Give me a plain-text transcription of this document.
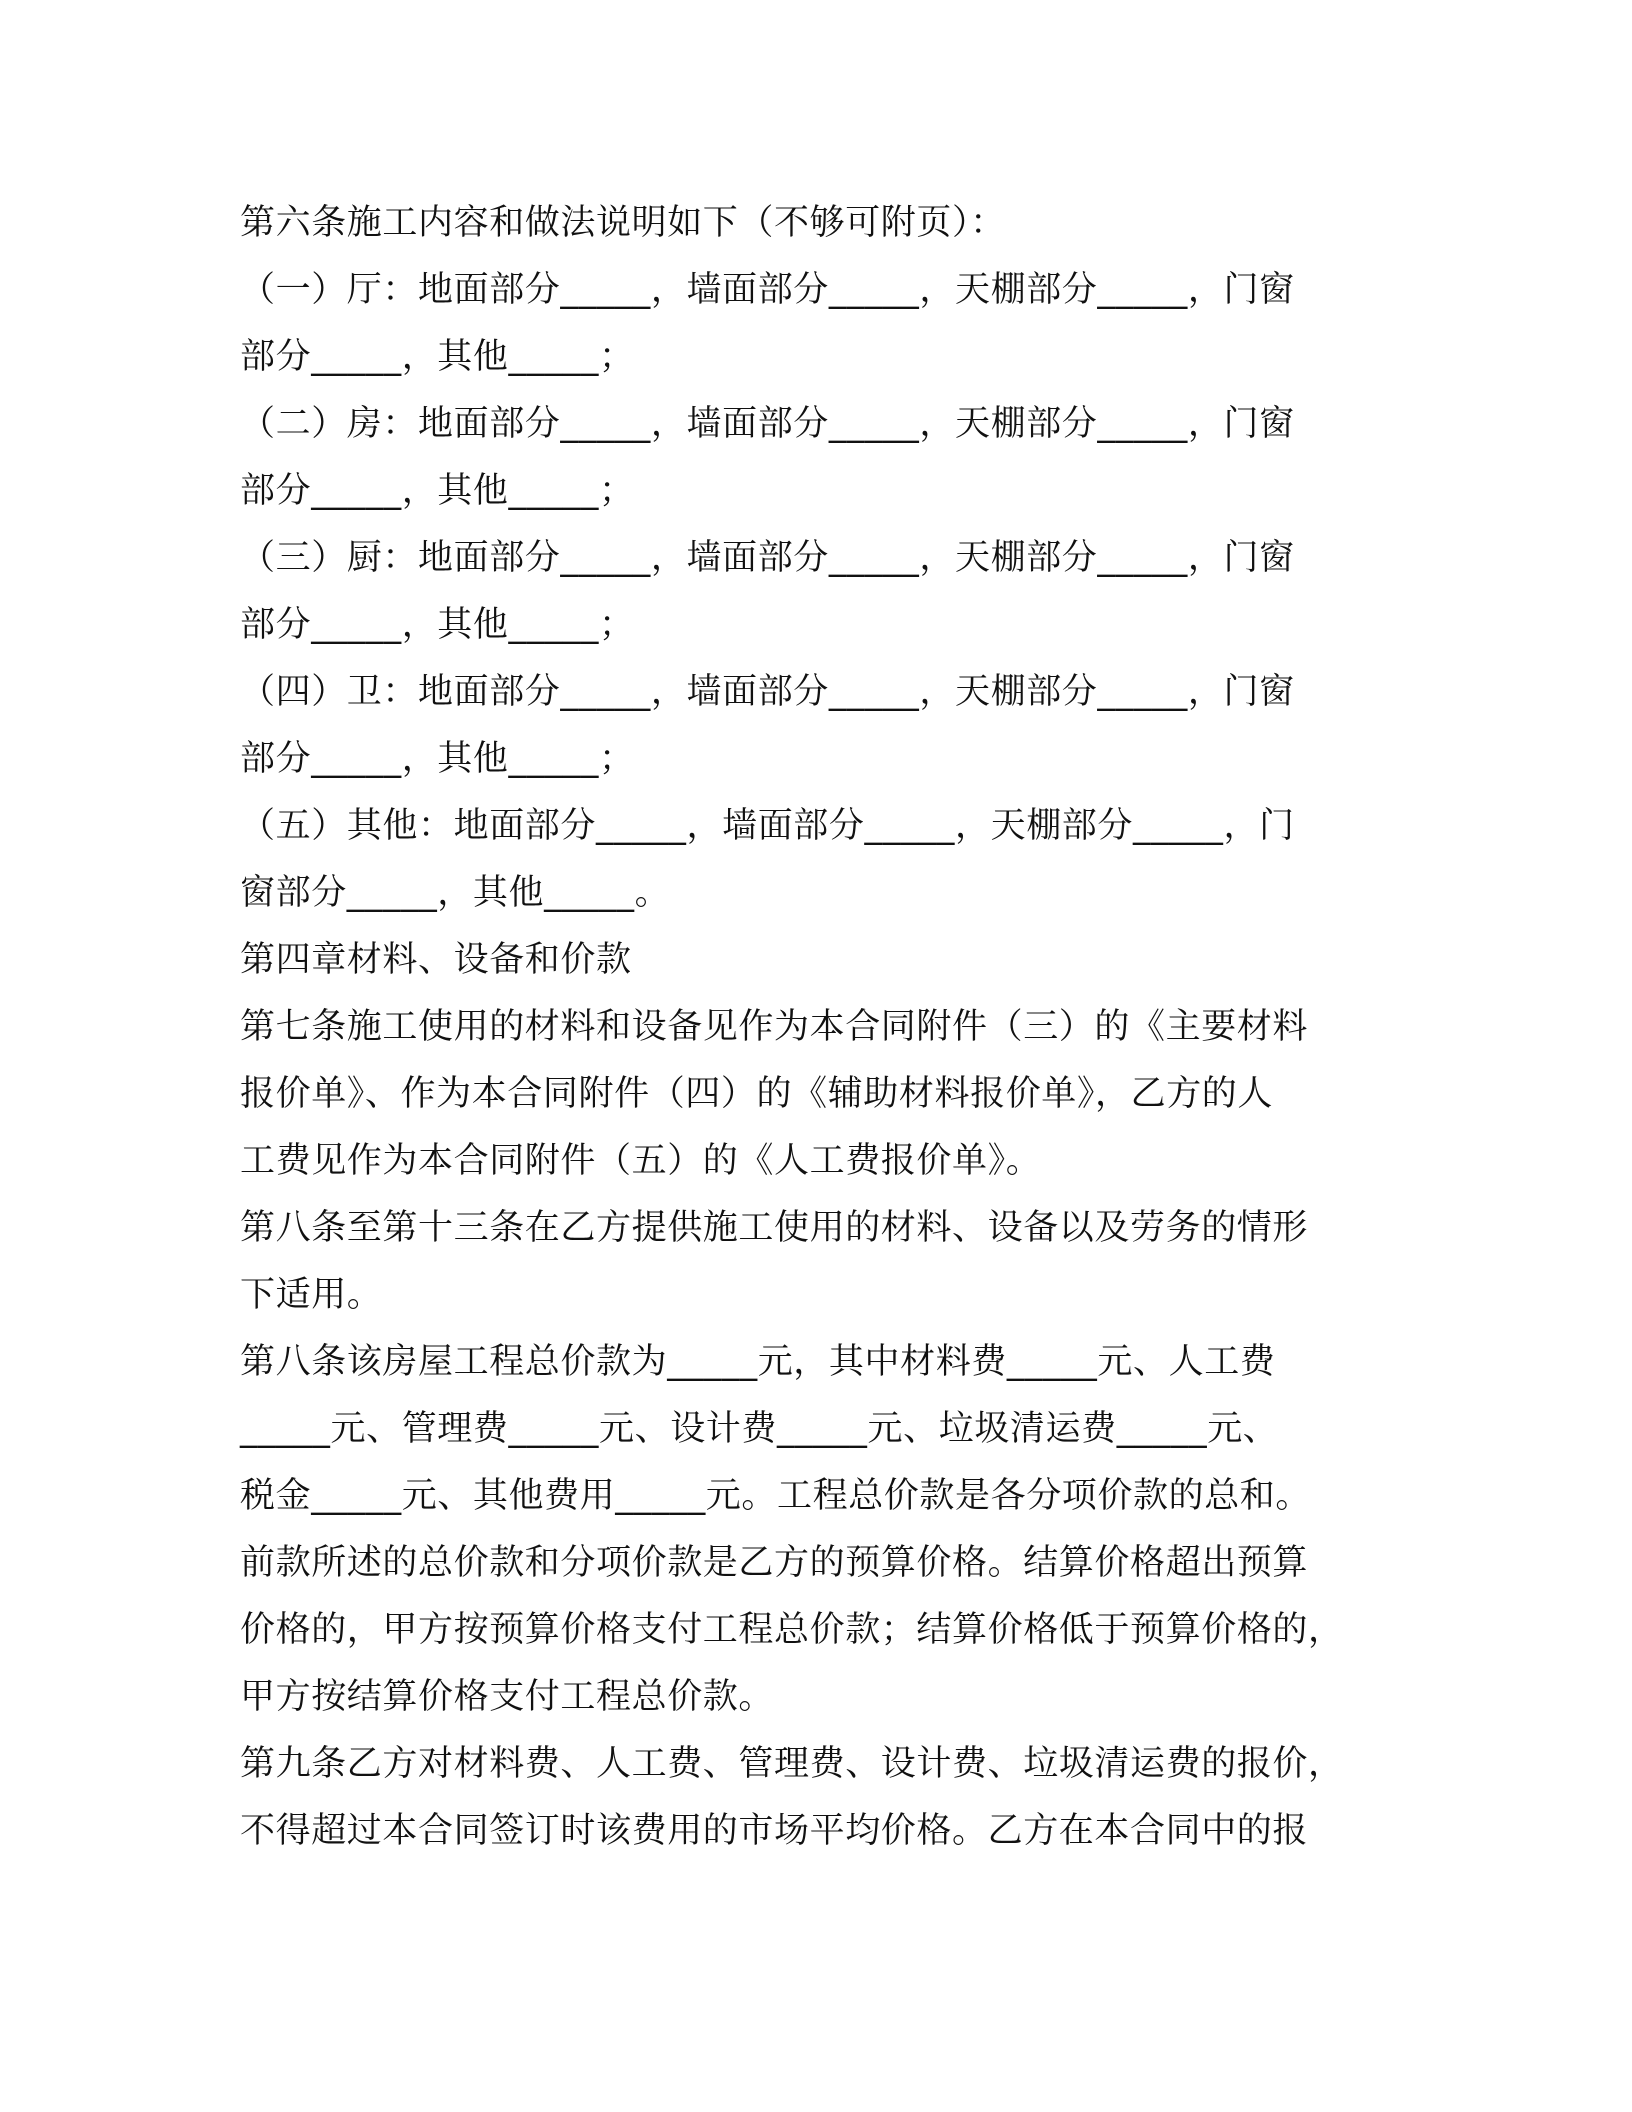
第六条施工内容和做法说明如下（不够可附页）：
（一）厅：地面部分_____，墙面部分_____，天棚部分_____，门窗
部分_____，其他_____；
（二）房：地面部分_____，墙面部分_____，天棚部分_____，门窗
部分_____，其他_____；
（三）厨：地面部分_____，墙面部分_____，天棚部分_____，门窗
部分_____，其他_____；
（四）卫：地面部分_____，墙面部分_____，天棚部分_____，门窗
部分_____，其他_____；
（五）其他：地面部分_____，墙面部分_____，天棚部分_____，门
窗部分_____，其他_____。
第四章材料、设备和价款
第七条施工使用的材料和设备见作为本合同附件（三）的《主要材料
报价单》、作为本合同附件（四）的《辅助材料报价单》，乙方的人
工费见作为本合同附件（五）的《人工费报价单》。
第八条至第十三条在乙方提供施工使用的材料、设备以及劳务的情形
下适用。
第八条该房屋工程总价款为_____元，其中材料费_____元、人工费
_____元、管理费_____元、设计费_____元、垃圾清运费_____元、
税金_____元、其他费用_____元。工程总价款是各分项价款的总和。
前款所述的总价款和分项价款是乙方的预算价格。结算价格超出预算
价格的，甲方按预算价格支付工程总价款；结算价格低于预算价格的，
甲方按结算价格支付工程总价款。
第九条乙方对材料费、人工费、管理费、设计费、垃圾清运费的报价，
不得超过本合同签订时该费用的市场平均价格。乙方在本合同中的报
